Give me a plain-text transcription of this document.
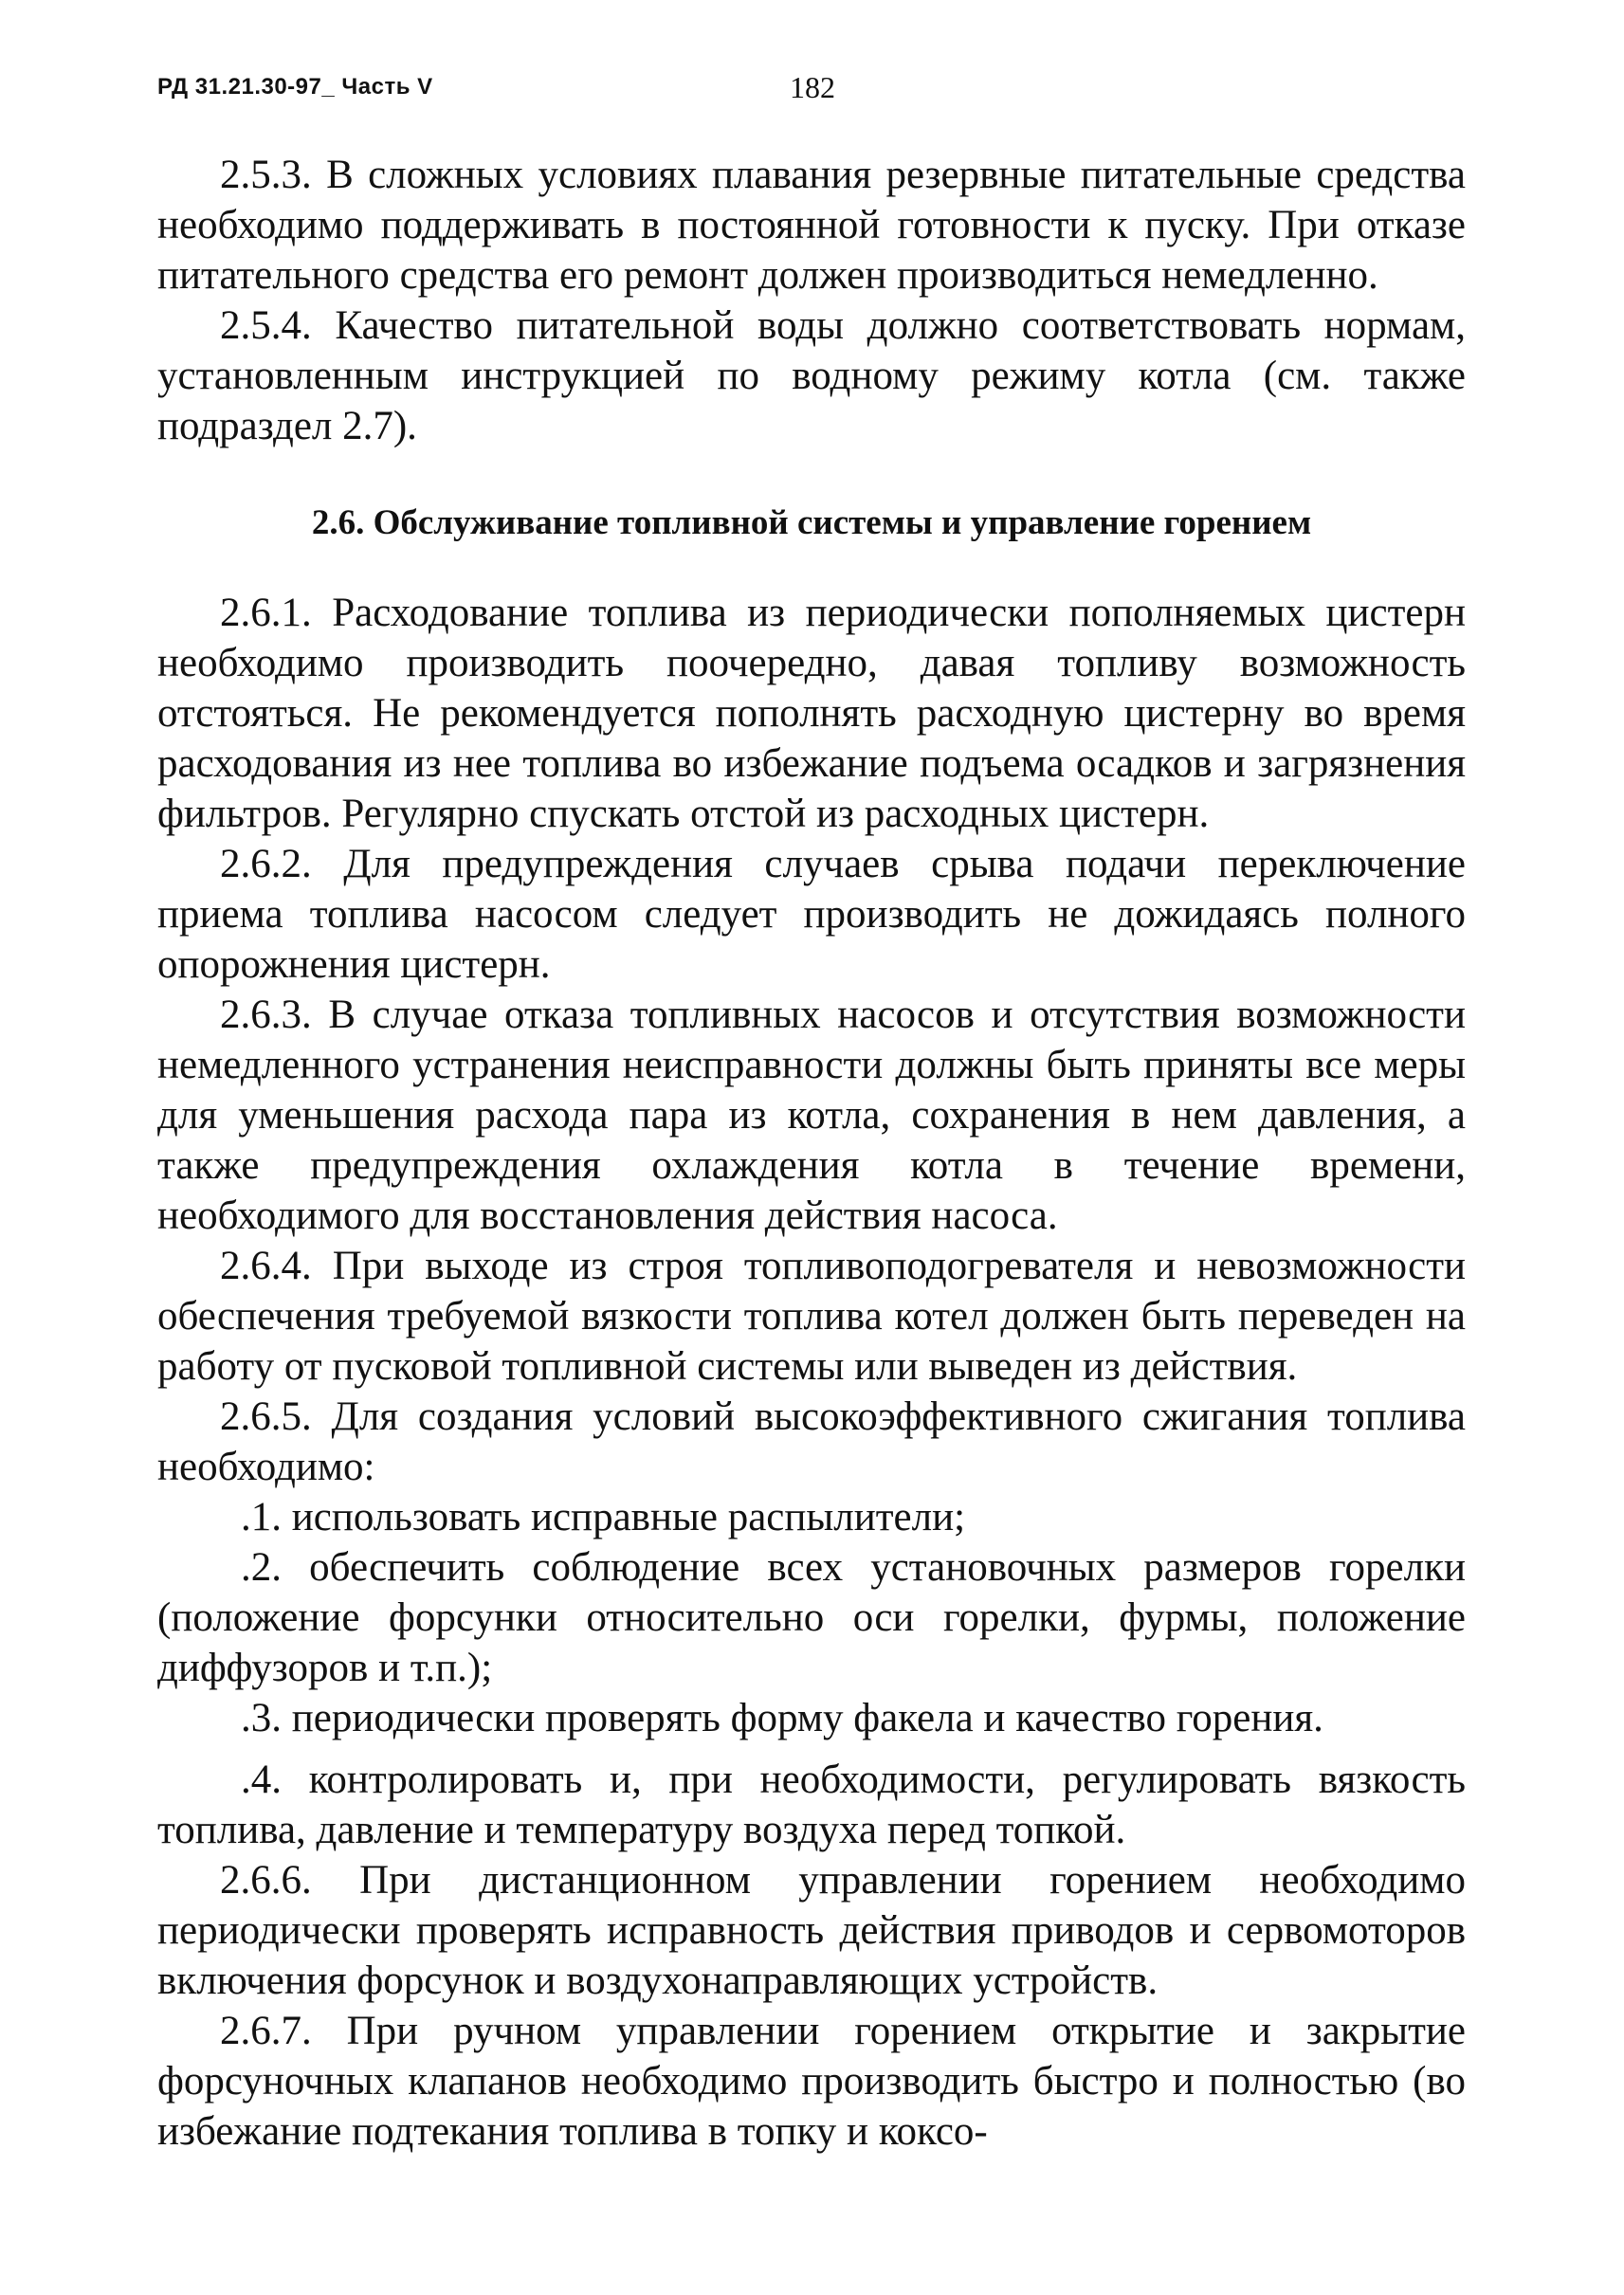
РД 31.21.30-97_ Часть V	182

2.5.3. В сложных условиях плавания резервные питательные средства необходимо поддерживать в постоянной готовности к пуску. При отказе питательного средства его ремонт должен производиться немедленно.

2.5.4. Качество питательной воды должно соответствовать нормам, установленным инструкцией по водному режиму котла (см. также подраздел 2.7).

2.6. Обслуживание топливной системы и управление горением

2.6.1. Расходование топлива из периодически пополняемых цистерн необходимо производить поочередно, давая топливу возможность отстояться. Не рекомендуется пополнять расходную цистерну во время расходования из нее топлива во избежание подъема осадков и загрязнения фильтров. Регулярно спускать отстой из расходных цистерн.

2.6.2. Для предупреждения случаев срыва подачи переключение приема топлива насосом следует производить не дожидаясь полного опорожнения цистерн.

2.6.3. В случае отказа топливных насосов и отсутствия возможности немедленного устранения неисправности должны быть приняты все меры для уменьшения расхода пара из котла, сохранения в нем давления, а также предупреждения охлаждения котла в течение времени, необходимого для восстановления действия насоса.

2.6.4. При выходе из строя топливоподогревателя и невозможности обеспечения требуемой вязкости топлива котел должен быть переведен на работу от пусковой топливной системы или выведен из действия.

2.6.5. Для создания условий высокоэффективного сжигания топлива необходимо:

.1. использовать исправные распылители;

.2. обеспечить соблюдение всех установочных размеров горелки (положение форсунки относительно оси горелки, фурмы, положение диффузоров и т.п.);

.3. периодически проверять форму факела и качество горения.

.4. контролировать и, при необходимости, регулировать вязкость топлива, давление и температуру воздуха перед топкой.

2.6.6. При дистанционном управлении горением необходимо периодически проверять исправность действия приводов и сервомоторов включения форсунок и воздухонаправляющих устройств.

2.6.7. При ручном управлении горением открытие и закрытие форсуночных клапанов необходимо производить быстро и полностью (во избежание подтекания топлива в топку и коксо-
